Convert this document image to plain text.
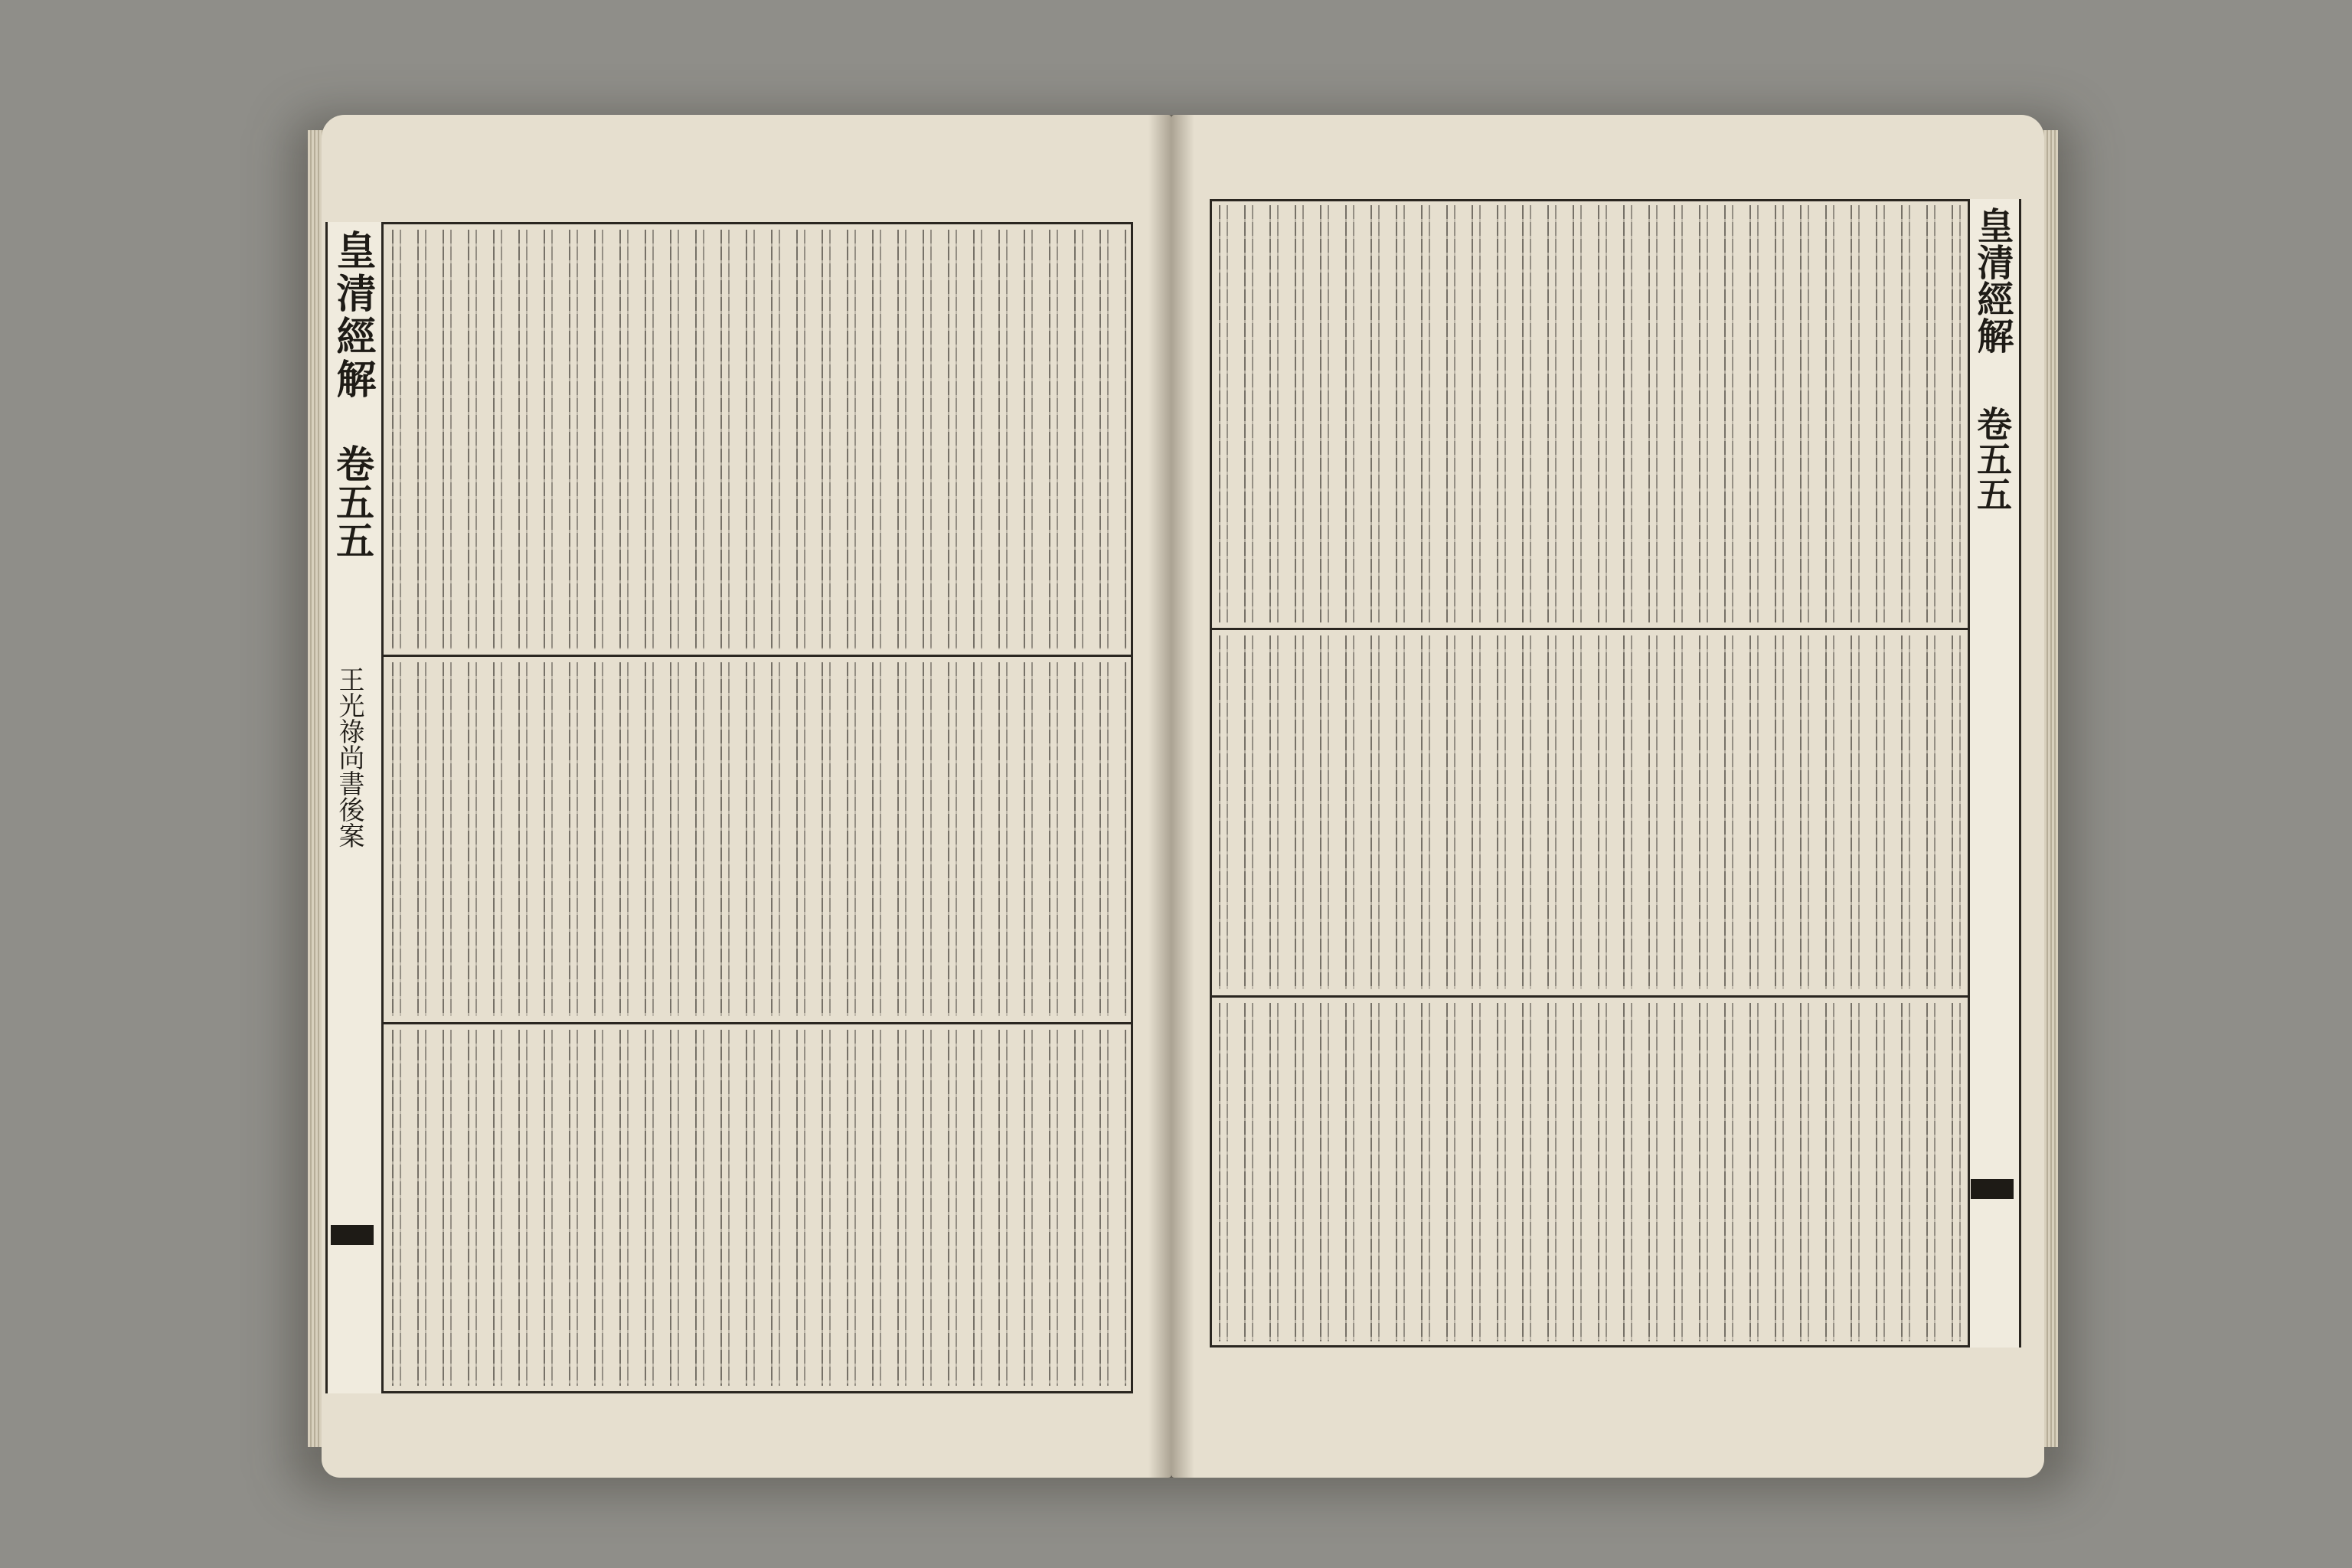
皇清經解
卷五五
王光祿尚書後案
皇清經解
卷五五
